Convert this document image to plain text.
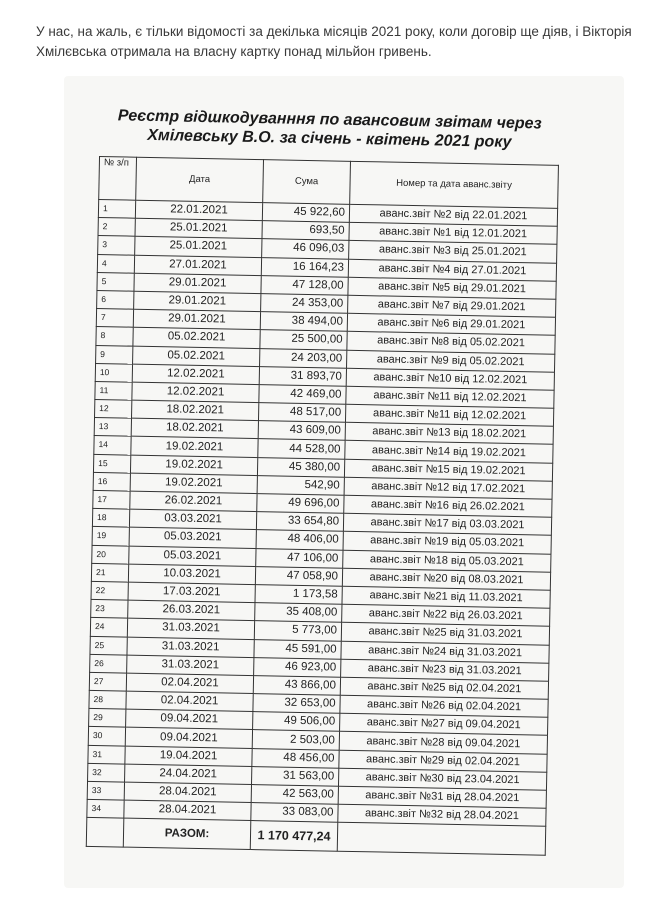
У нас, на жаль, є тільки відомості за декілька місяців 2021 року, коли договір ще діяв, і Вікторія Хмілєвська отримала на власну картку понад мільйон гривень.

Реєстр відшкодуванння по авансовим звітам через
Хмілевську В.О. за січень - квітень 2021 року
№ з/п	Дата	Сума	Номер та дата аванс.звіту
1	22.01.2021	45 922,60	аванс.звіт №2 від 22.01.2021
2	25.01.2021	693,50	аванс.звіт №1 від 12.01.2021
3	25.01.2021	46 096,03	аванс.звіт №3 від 25.01.2021
4	27.01.2021	16 164,23	аванс.звіт №4 від 27.01.2021
5	29.01.2021	47 128,00	аванс.звіт №5 від 29.01.2021
6	29.01.2021	24 353,00	аванс.звіт №7 від 29.01.2021
7	29.01.2021	38 494,00	аванс.звіт №6 від 29.01.2021
8	05.02.2021	25 500,00	аванс.звіт №8 від 05.02.2021
9	05.02.2021	24 203,00	аванс.звіт №9 від 05.02.2021
10	12.02.2021	31 893,70	аванс.звіт №10 від 12.02.2021
11	12.02.2021	42 469,00	аванс.звіт №11 від 12.02.2021
12	18.02.2021	48 517,00	аванс.звіт №11 від 12.02.2021
13	18.02.2021	43 609,00	аванс.звіт №13 від 18.02.2021
14	19.02.2021	44 528,00	аванс.звіт №14 від 19.02.2021
15	19.02.2021	45 380,00	аванс.звіт №15 від 19.02.2021
16	19.02.2021	542,90	аванс.звіт №12 від 17.02.2021
17	26.02.2021	49 696,00	аванс.звіт №16 від 26.02.2021
18	03.03.2021	33 654,80	аванс.звіт №17 від 03.03.2021
19	05.03.2021	48 406,00	аванс.звіт №19 від 05.03.2021
20	05.03.2021	47 106,00	аванс.звіт №18 від 05.03.2021
21	10.03.2021	47 058,90	аванс.звіт №20 від 08.03.2021
22	17.03.2021	1 173,58	аванс.звіт №21 від 11.03.2021
23	26.03.2021	35 408,00	аванс.звіт №22 від 26.03.2021
24	31.03.2021	5 773,00	аванс.звіт №25 від 31.03.2021
25	31.03.2021	45 591,00	аванс.звіт №24 від 31.03.2021
26	31.03.2021	46 923,00	аванс.звіт №23 від 31.03.2021
27	02.04.2021	43 866,00	аванс.звіт №25 від 02.04.2021
28	02.04.2021	32 653,00	аванс.звіт №26 від 02.04.2021
29	09.04.2021	49 506,00	аванс.звіт №27 від 09.04.2021
30	09.04.2021	2 503,00	аванс.звіт №28 від 09.04.2021
31	19.04.2021	48 456,00	аванс.звіт №29 від 02.04.2021
32	24.04.2021	31 563,00	аванс.звіт №30 від 23.04.2021
33	28.04.2021	42 563,00	аванс.звіт №31 від 28.04.2021
34	28.04.2021	33 083,00	аванс.звіт №32 від 28.04.2021
	РАЗОМ:	1 170 477,24	
